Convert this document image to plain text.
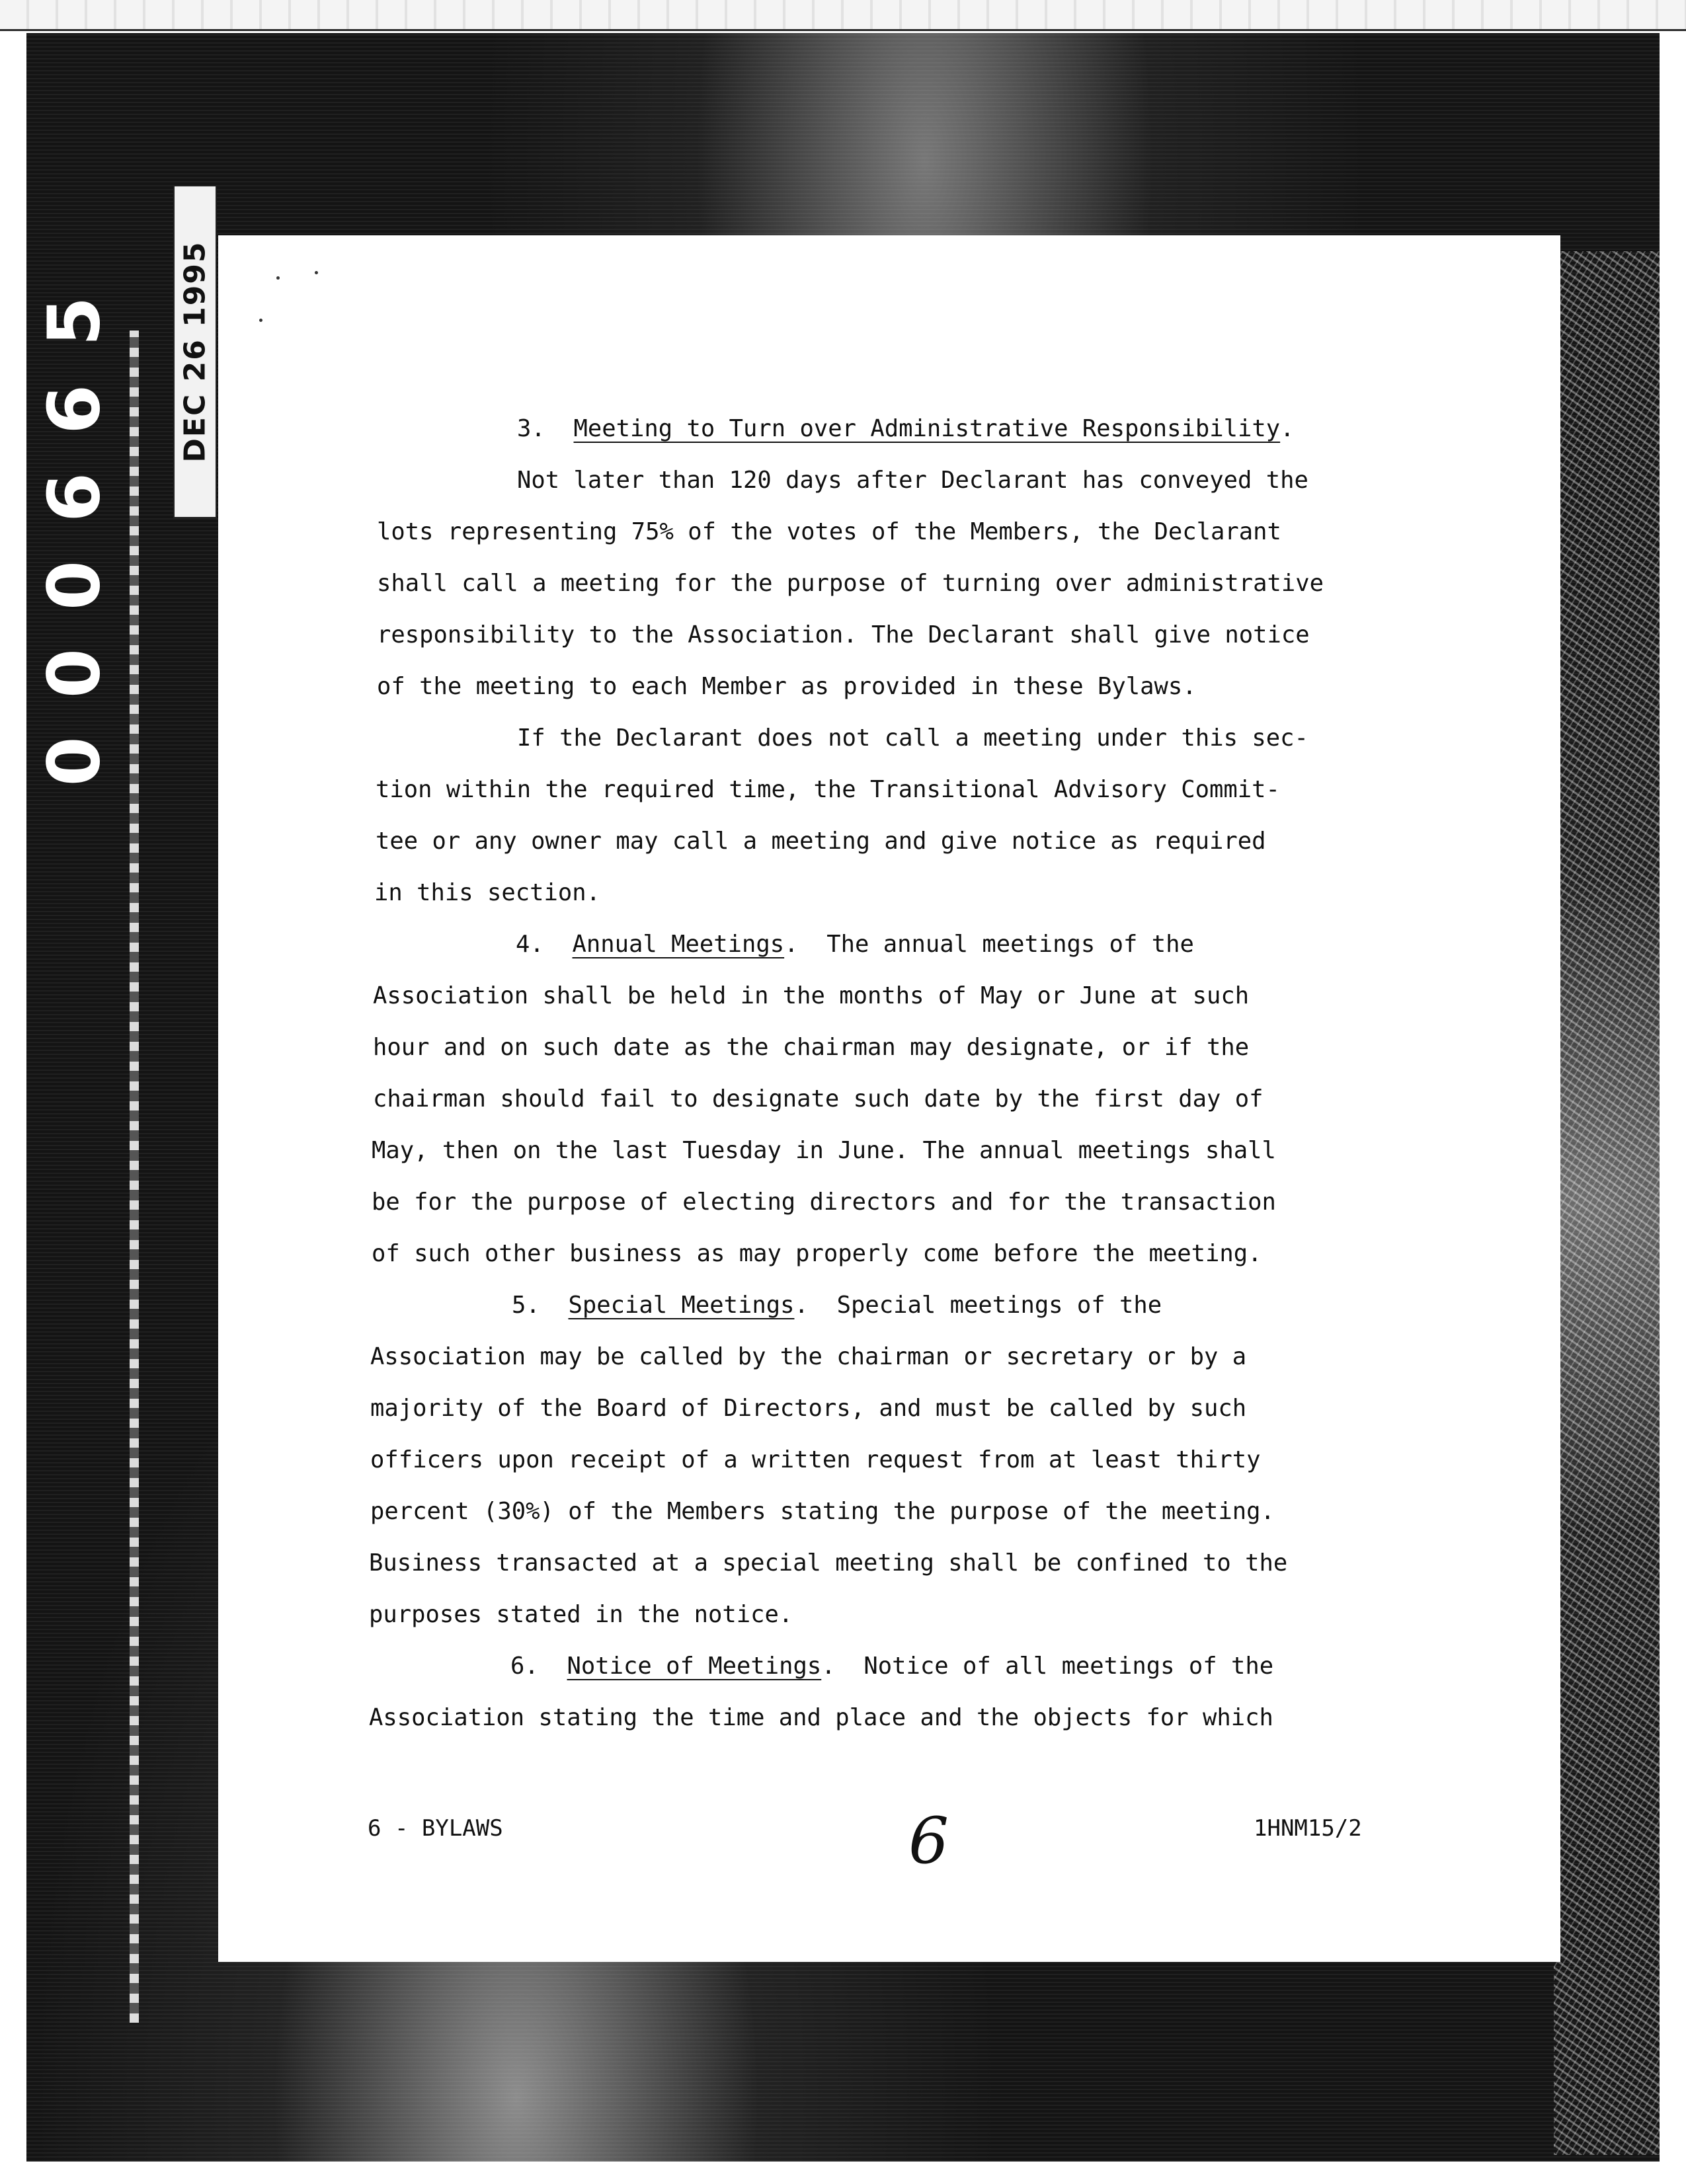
000665 DEC 26 1995	3. Meeting to Turn over Administrative Responsibility.

Not later than 120 days after Declarant has conveyed the

lots representing 75% of the votes of the Members, the Declarant

shall call a meeting for the purpose of turning over administrative

responsibility to the Association. The Declarant shall give notice

of the meeting to each Member as provided in these Bylaws.

If the Declarant does not call a meeting under this sec-

tion within the required time, the Transitional Advisory Commit-

tee or any owner may call a meeting and give notice as required

in this section.

4. Annual Meetings. The annual meetings of the

Association shall be held in the months of May or June at such

hour and on such date as the chairman may designate, or if the

chairman should fail to designate such date by the first day of

May, then on the last Tuesday in June. The annual meetings shall

be for the purpose of electing directors and for the transaction

of such other business as may properly come before the meeting.

5. Special Meetings. Special meetings of the

Association may be called by the chairman or secretary or by a

majority of the Board of Directors, and must be called by such

officers upon receipt of a written request from at least thirty

percent (30%) of the Members stating the purpose of the meeting.

Business transacted at a special meeting shall be confined to the

purposes stated in the notice.

6. Notice of Meetings. Notice of all meetings of the

Association stating the time and place and the objects for which

6 - BYLAWS	6	1HNM15/2
